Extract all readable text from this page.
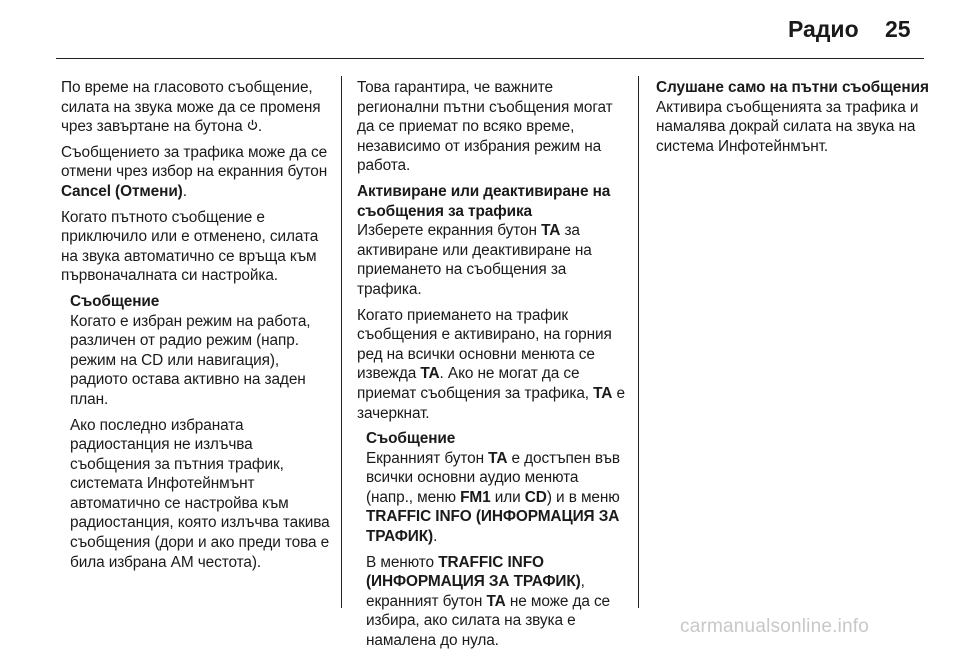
Радио 25

По време на гласовото съобщение, силата на звука може да се променя чрез завъртане на бутона .

Съобщението за трафика може да се отмени чрез избор на екранния бутон Cancel (Отмени).

Когато пътното съобщение е приключило или е отменено, силата на звука автоматично се връща към първоначалната си настройка.

Съобщение

Когато е избран режим на работа, различен от радио режим (напр. режим на CD или навигация), радиото остава активно на заден план.

Ако последно избраната радиостанция не излъчва съобщения за пътния трафик, системата Инфотейнмънт автоматично се настройва към радиостанция, която излъчва такива съобщения (дори и ако преди това е била избрана AM честота).

Това гарантира, че важните регионални пътни съобщения могат да се приемат по всяко време, независимо от избрания режим на работа.

Активиране или деактивиране на съобщения за трафика

Изберете екранния бутон TA за активиране или деактивиране на приемането на съобщения за трафика.

Когато приемането на трафик съобщения е активирано, на горния ред на всички основни менюта се извежда TA. Ако не могат да се приемат съобщения за трафика, TA е зачеркнат.

Съобщение

Екранният бутон TA е достъпен във всички основни аудио менюта (напр., меню FM1 или CD) и в меню TRAFFIC INFO (ИНФОРМАЦИЯ ЗА ТРАФИК).

В менюто TRAFFIC INFO (ИНФОРМАЦИЯ ЗА ТРАФИК), екранният бутон TA не може да се избира, ако силата на звука е намалена до нула.

Слушане само на пътни съобщения

Активира съобщенията за трафика и намалява докрай силата на звука на система Инфотейнмънт.

carmanualsonline.info
